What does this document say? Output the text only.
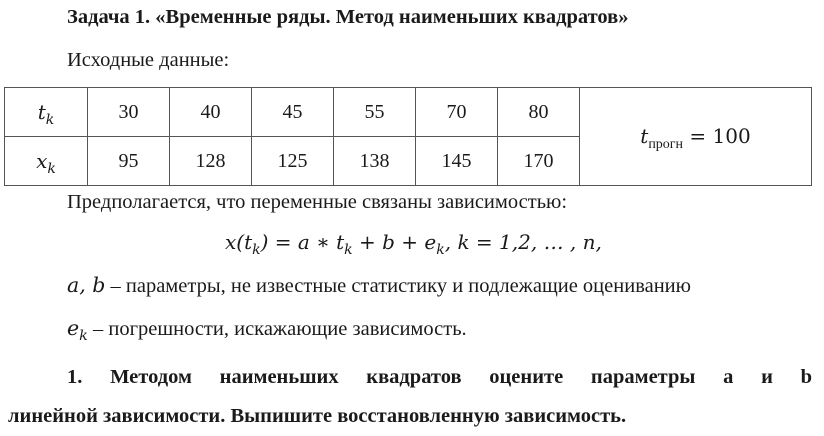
Задача 1. «Временные ряды. Метод наименьших квадратов»
Исходные данные:
$t_k$	30	40	45	55	70	80	$t_{прогн} = 100$
$x_k$	95	128	125	138	145	170	
Предполагается, что переменные связаны зависимостью:
$x(t_k) = a$ ∗ $t_k + b + e_k$, k = 1,2, … , n,
a, b – параметры, не известные статистику и подлежащие оцениванию
$e_k$ – погрешности, искажающие зависимость.
1. Методом наименьших квадратов оцените параметры a и b
линейной зависимости. Выпишите восстановленную зависимость.
